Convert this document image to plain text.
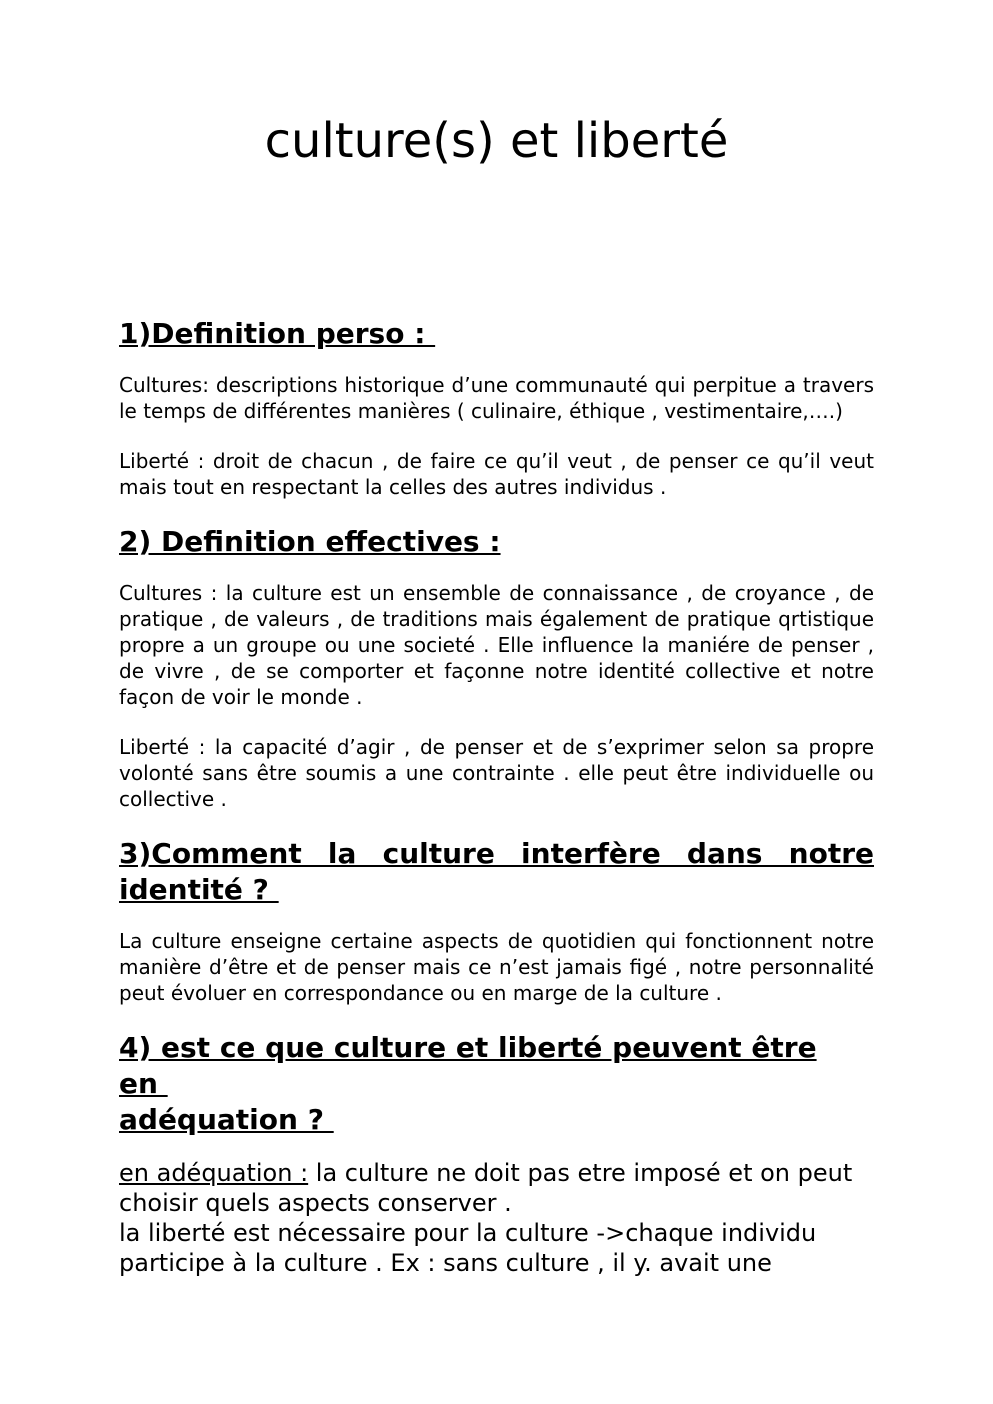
culture(s) et liberté
1)Definition perso :

Cultures: descriptions historique d’une communauté qui perpitue a travers le temps de différentes manières ( culinaire, éthique , vestimentaire,….)

Liberté : droit de chacun , de faire ce qu’il veut , de penser ce qu’il veut mais tout en respectant la celles des autres individus .

2) Definition effectives :

Cultures : la culture est un ensemble de connaissance , de croyance , de pratique , de valeurs , de traditions mais également de pratique qrtistique propre a un groupe ou une societé . Elle influence la maniére de penser , de vivre , de se comporter et façonne notre identité collective et notre façon de voir le monde .

Liberté : la capacité d’agir , de penser et de s’exprimer selon sa propre volonté sans être soumis a une contrainte . elle peut être individuelle ou collective .

3)Comment la culture interfère dans notre
identité ?

La culture enseigne certaine aspects de quotidien qui fonctionnent notre manière d’être et de penser mais ce n’est jamais figé , notre personnalité peut évoluer en correspondance ou en marge de la culture .

4) est ce que culture et liberté peuvent être en
adéquation ?

en adéquation : la culture ne doit pas etre imposé et on peut
choisir quels aspects conserver .
la liberté est nécessaire pour la culture ->chaque individu
participe à la culture . Ex : sans culture , il y. avait une
